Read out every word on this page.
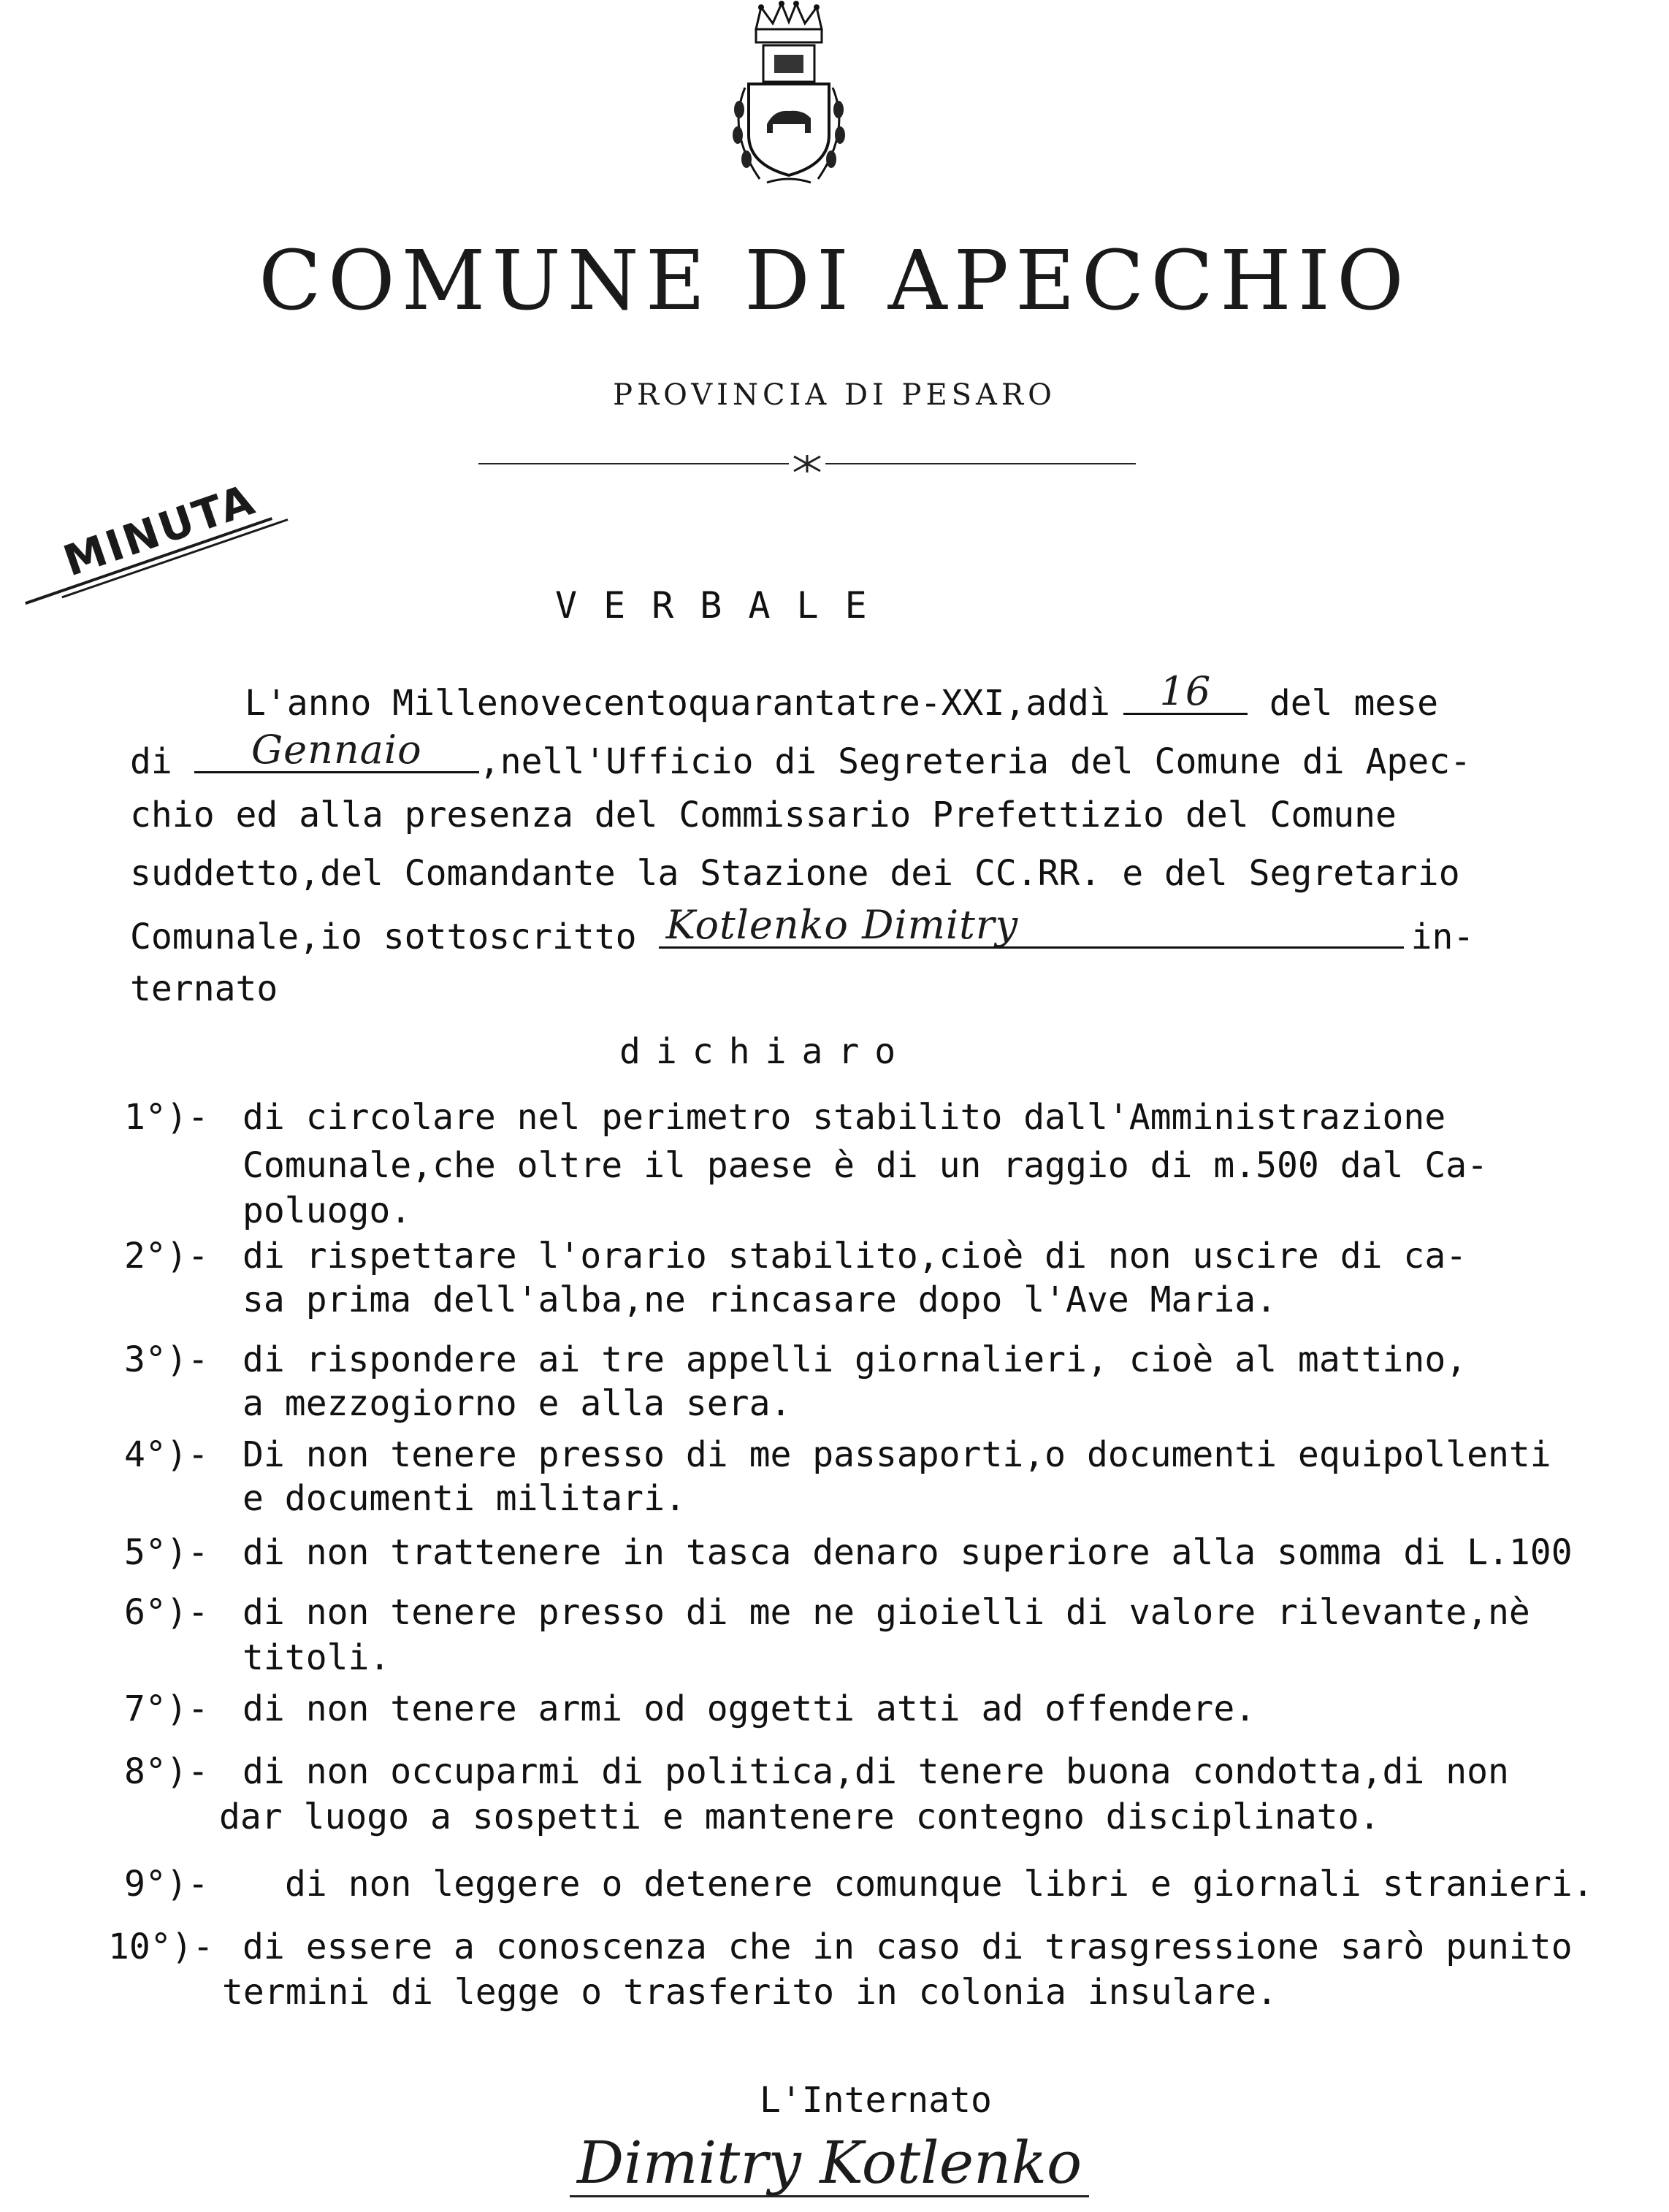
COMUNE DI APECCHIO
PROVINCIA DI PESARO
MINUTA
VERBALE
L'anno Millenovecentoquarantatre-XXI,addì	16	del mese
di	Gennaio	,nell'Ufficio di Segreteria del Comune di Apec-
chio ed alla presenza del Commissario Prefettizio del Comune
suddetto,del Comandante la Stazione dei CC.RR. e del Segretario
Comunale,io sottoscritto Kotlenko Dimitry	in-
ternato
dichiaro
1°)- di circolare nel perimetro stabilito dall'Amministrazione
Comunale,che oltre il paese è di un raggio di m.500 dal Ca-
poluogo.
2°)- di rispettare l'orario stabilito,cioè di non uscire di ca-
sa prima dell'alba,ne rincasare dopo l'Ave Maria.
3°)- di rispondere ai tre appelli giornalieri, cioè al mattino,
a mezzogiorno e alla sera.
4°)- Di non tenere presso di me passaporti,o documenti equipollenti
e documenti militari.
5°)- di non trattenere in tasca denaro superiore alla somma di L.100
6°)- di non tenere presso di me ne gioielli di valore rilevante,nè
titoli.
7°)- di non tenere armi od oggetti atti ad offendere.
8°)- di non occuparmi di politica,di tenere buona condotta,di non
dar luogo a sospetti e mantenere contegno disciplinato.
9°)- di non leggere o detenere comunque libri e giornali stranieri.
10°)- di essere a conoscenza che in caso di trasgressione sarò punito
termini di legge o trasferito in colonia insulare.
L'Internato
Dimitry Kotlenko
